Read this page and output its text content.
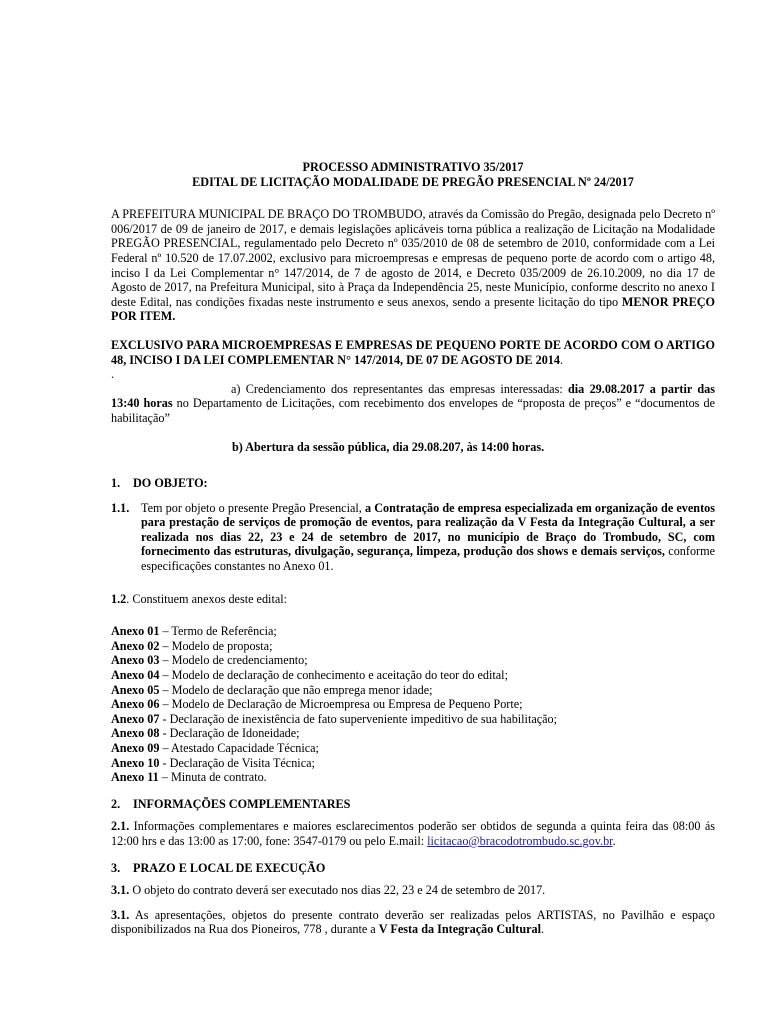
PROCESSO ADMINISTRATIVO 35/2017
EDITAL DE LICITAÇÃO MODALIDADE DE PREGÃO PRESENCIAL Nº 24/2017

A PREFEITURA MUNICIPAL DE BRAÇO DO TROMBUDO, através da Comissão do Pregão, designada pelo Decreto nº 006/2017 de 09 de janeiro de 2017, e demais legislações aplicáveis torna pública a realização de Licitação na Modalidade PREGÃO PRESENCIAL, regulamentado pelo Decreto nº 035/2010 de 08 de setembro de 2010, conformidade com a Lei Federal nº 10.520 de 17.07.2002, exclusivo para microempresas e empresas de pequeno porte de acordo com o artigo 48, inciso I da Lei Complementar n° 147/2014, de 7 de agosto de 2014, e Decreto 035/2009 de 26.10.2009, no dia 17 de Agosto de 2017, na Prefeitura Municipal, sito à Praça da Independência 25, neste Município, conforme descrito no anexo I deste Edital, nas condições fixadas neste instrumento e seus anexos, sendo a presente licitação do tipo MENOR PREÇO POR ITEM.

EXCLUSIVO PARA MICROEMPRESAS E EMPRESAS DE PEQUENO PORTE DE ACORDO COM O ARTIGO 48, INCISO I DA LEI COMPLEMENTAR N° 147/2014, DE 07 DE AGOSTO DE 2014.

.

a) Credenciamento dos representantes das empresas interessadas: dia 29.08.2017 a partir das 13:40 horas no Departamento de Licitações, com recebimento dos envelopes de “proposta de preços” e “documentos de habilitação”

b) Abertura da sessão pública, dia 29.08.207, às 14:00 horas.
1. DO OBJETO:
1.1. Tem por objeto o presente Pregão Presencial, a Contratação de empresa especializada em organização de eventos para prestação de serviços de promoção de eventos, para realização da V Festa da Integração Cultural, a ser realizada nos dias 22, 23 e 24 de setembro de 2017, no município de Braço do Trombudo, SC, com fornecimento das estruturas, divulgação, segurança, limpeza, produção dos shows e demais serviços, conforme especificações constantes no Anexo 01.

1.2. Constituem anexos deste edital:

Anexo 01 – Termo de Referência;
Anexo 02 – Modelo de proposta;
Anexo 03 – Modelo de credenciamento;
Anexo 04 – Modelo de declaração de conhecimento e aceitação do teor do edital;
Anexo 05 – Modelo de declaração que não emprega menor idade;
Anexo 06 – Modelo de Declaração de Microempresa ou Empresa de Pequeno Porte;
Anexo 07 - Declaração de inexistência de fato superveniente impeditivo de sua habilitação;
Anexo 08 - Declaração de Idoneidade;
Anexo 09 – Atestado Capacidade Técnica;
Anexo 10 - Declaração de Visita Técnica;
Anexo 11 – Minuta de contrato.
2. INFORMAÇÕES COMPLEMENTARES

2.1. Informações complementares e maiores esclarecimentos poderão ser obtidos de segunda a quinta feira das 08:00 ás 12:00 hrs e das 13:00 as 17:00, fone: 3547-0179 ou pelo E.mail: licitacao@bracodotrombudo.sc.gov.br.

3. PRAZO E LOCAL DE EXECUÇÃO

3.1. O objeto do contrato deverá ser executado nos dias 22, 23 e 24 de setembro de 2017.

3.1. As apresentações, objetos do presente contrato deverão ser realizadas pelos ARTISTAS, no Pavilhão e espaço disponibilizados na Rua dos Pioneiros, 778 , durante a V Festa da Integração Cultural.
